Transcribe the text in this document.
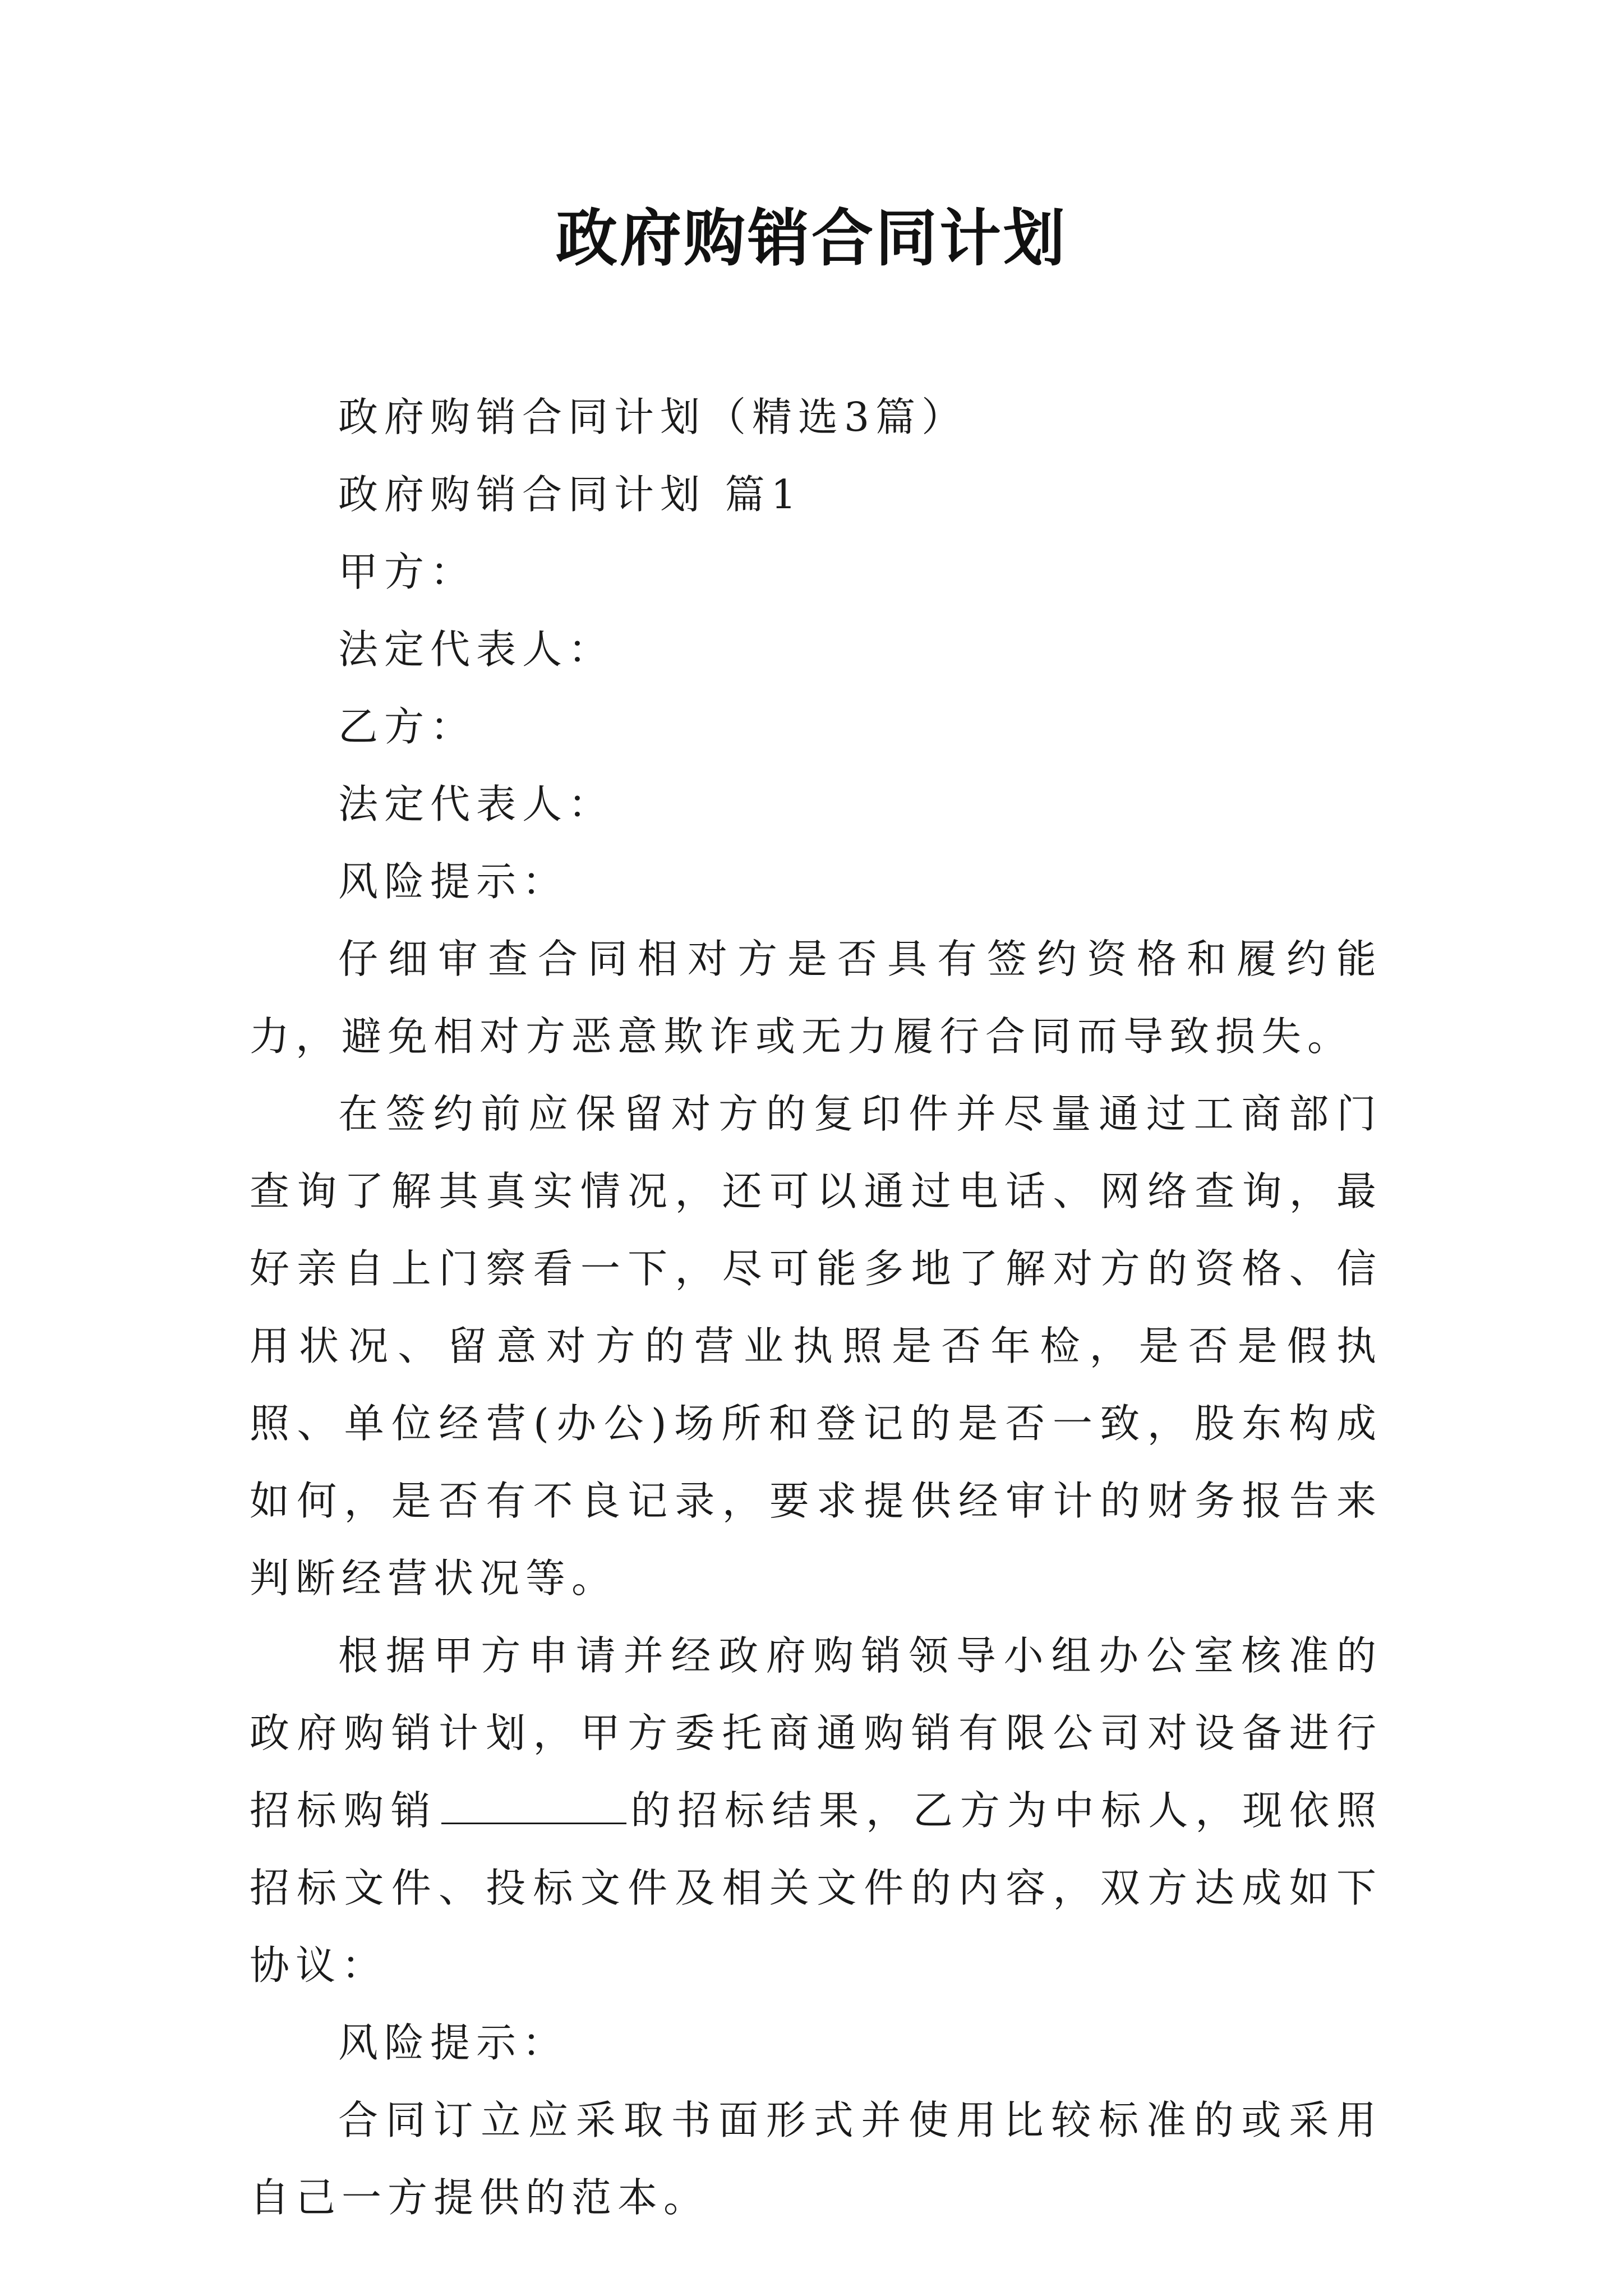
政府购销合同计划

政府购销合同计划（精选3篇）

政府购销合同计划 篇1

甲方：

法定代表人：

乙方：

法定代表人：

风险提示：

仔细审查合同相对方是否具有签约资格和履约能力，避免相对方恶意欺诈或无力履行合同而导致损失。

在签约前应保留对方的复印件并尽量通过工商部门查询了解其真实情况，还可以通过电话、网络查询，最好亲自上门察看一下，尽可能多地了解对方的资格、信用状况、留意对方的营业执照是否年检，是否是假执照、单位经营(办公)场所和登记的是否一致，股东构成如何，是否有不良记录，要求提供经审计的财务报告来判断经营状况等。

根据甲方申请并经政府购销领导小组办公室核准的政府购销计划，甲方委托商通购销有限公司对设备进行招标购销	的招标结果，乙方为中标人，现依照招标文件、投标文件及相关文件的内容，双方达成如下协议：

风险提示：

合同订立应采取书面形式并使用比较标准的或采用自己一方提供的范本。
